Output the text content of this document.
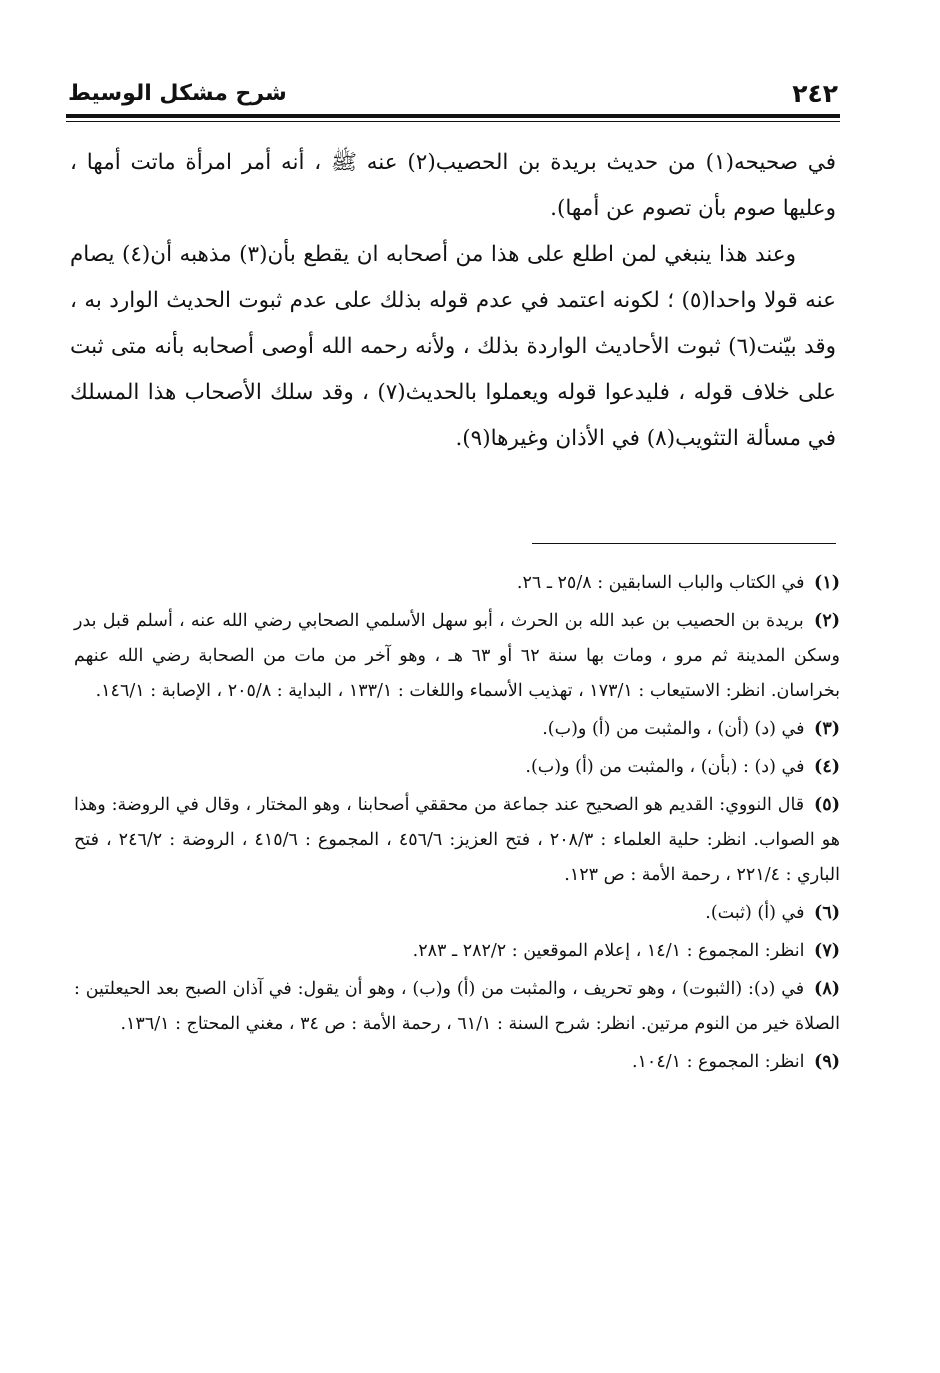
٢٤٢
شرح مشكل الوسيط

في صحيحه(١) من حديث بريدة بن الحصيب(٢) عنه ﷺ ، أنه أمر امرأة ماتت أمها ، وعليها صوم بأن تصوم عن أمها).

وعند هذا ينبغي لمن اطلع على هذا من أصحابه ان يقطع بأن(٣) مذهبه أن(٤) يصام عنه قولا واحدا(٥) ؛ لكونه اعتمد في عدم قوله بذلك على عدم ثبوت الحديث الوارد به ، وقد بيّنت(٦) ثبوت الأحاديث الواردة بذلك ، ولأنه رحمه الله أوصى أصحابه بأنه متى ثبت على خلاف قوله ، فليدعوا قوله ويعملوا بالحديث(٧) ، وقد سلك الأصحاب هذا المسلك في مسألة التثويب(٨) في الأذان وغيرها(٩).

(١) في الكتاب والباب السابقين : ٢٥/٨ ـ ٢٦.

(٢) بريدة بن الحصيب بن عبد الله بن الحرث ، أبو سهل الأسلمي الصحابي رضي الله عنه ، أسلم قبل بدر وسكن المدينة ثم مرو ، ومات بها سنة ٦٢ أو ٦٣ هـ ، وهو آخر من مات من الصحابة رضي الله عنهم بخراسان. انظر: الاستيعاب : ١٧٣/١ ، تهذيب الأسماء واللغات : ١٣٣/١ ، البداية : ٢٠٥/٨ ، الإصابة : ١٤٦/١.

(٣) في (د) (أن) ، والمثبت من (أ) و(ب).

(٤) في (د) : (بأن) ، والمثبت من (أ) و(ب).

(٥) قال النووي: القديم هو الصحيح عند جماعة من محققي أصحابنا ، وهو المختار ، وقال في الروضة: وهذا هو الصواب. انظر: حلية العلماء : ٢٠٨/٣ ، فتح العزيز: ٤٥٦/٦ ، المجموع : ٤١٥/٦ ، الروضة : ٢٤٦/٢ ، فتح الباري : ٢٢١/٤ ، رحمة الأمة : ص ١٢٣.

(٦) في (أ) (ثبت).

(٧) انظر: المجموع : ١٤/١ ، إعلام الموقعين : ٢٨٢/٢ ـ ٢٨٣.

(٨) في (د): (الثبوت) ، وهو تحريف ، والمثبت من (أ) و(ب) ، وهو أن يقول: في آذان الصبح بعد الحيعلتين : الصلاة خير من النوم مرتين. انظر: شرح السنة : ٦١/١ ، رحمة الأمة : ص ٣٤ ، مغني المحتاج : ١٣٦/١.

(٩) انظر: المجموع : ١٠٤/١.
